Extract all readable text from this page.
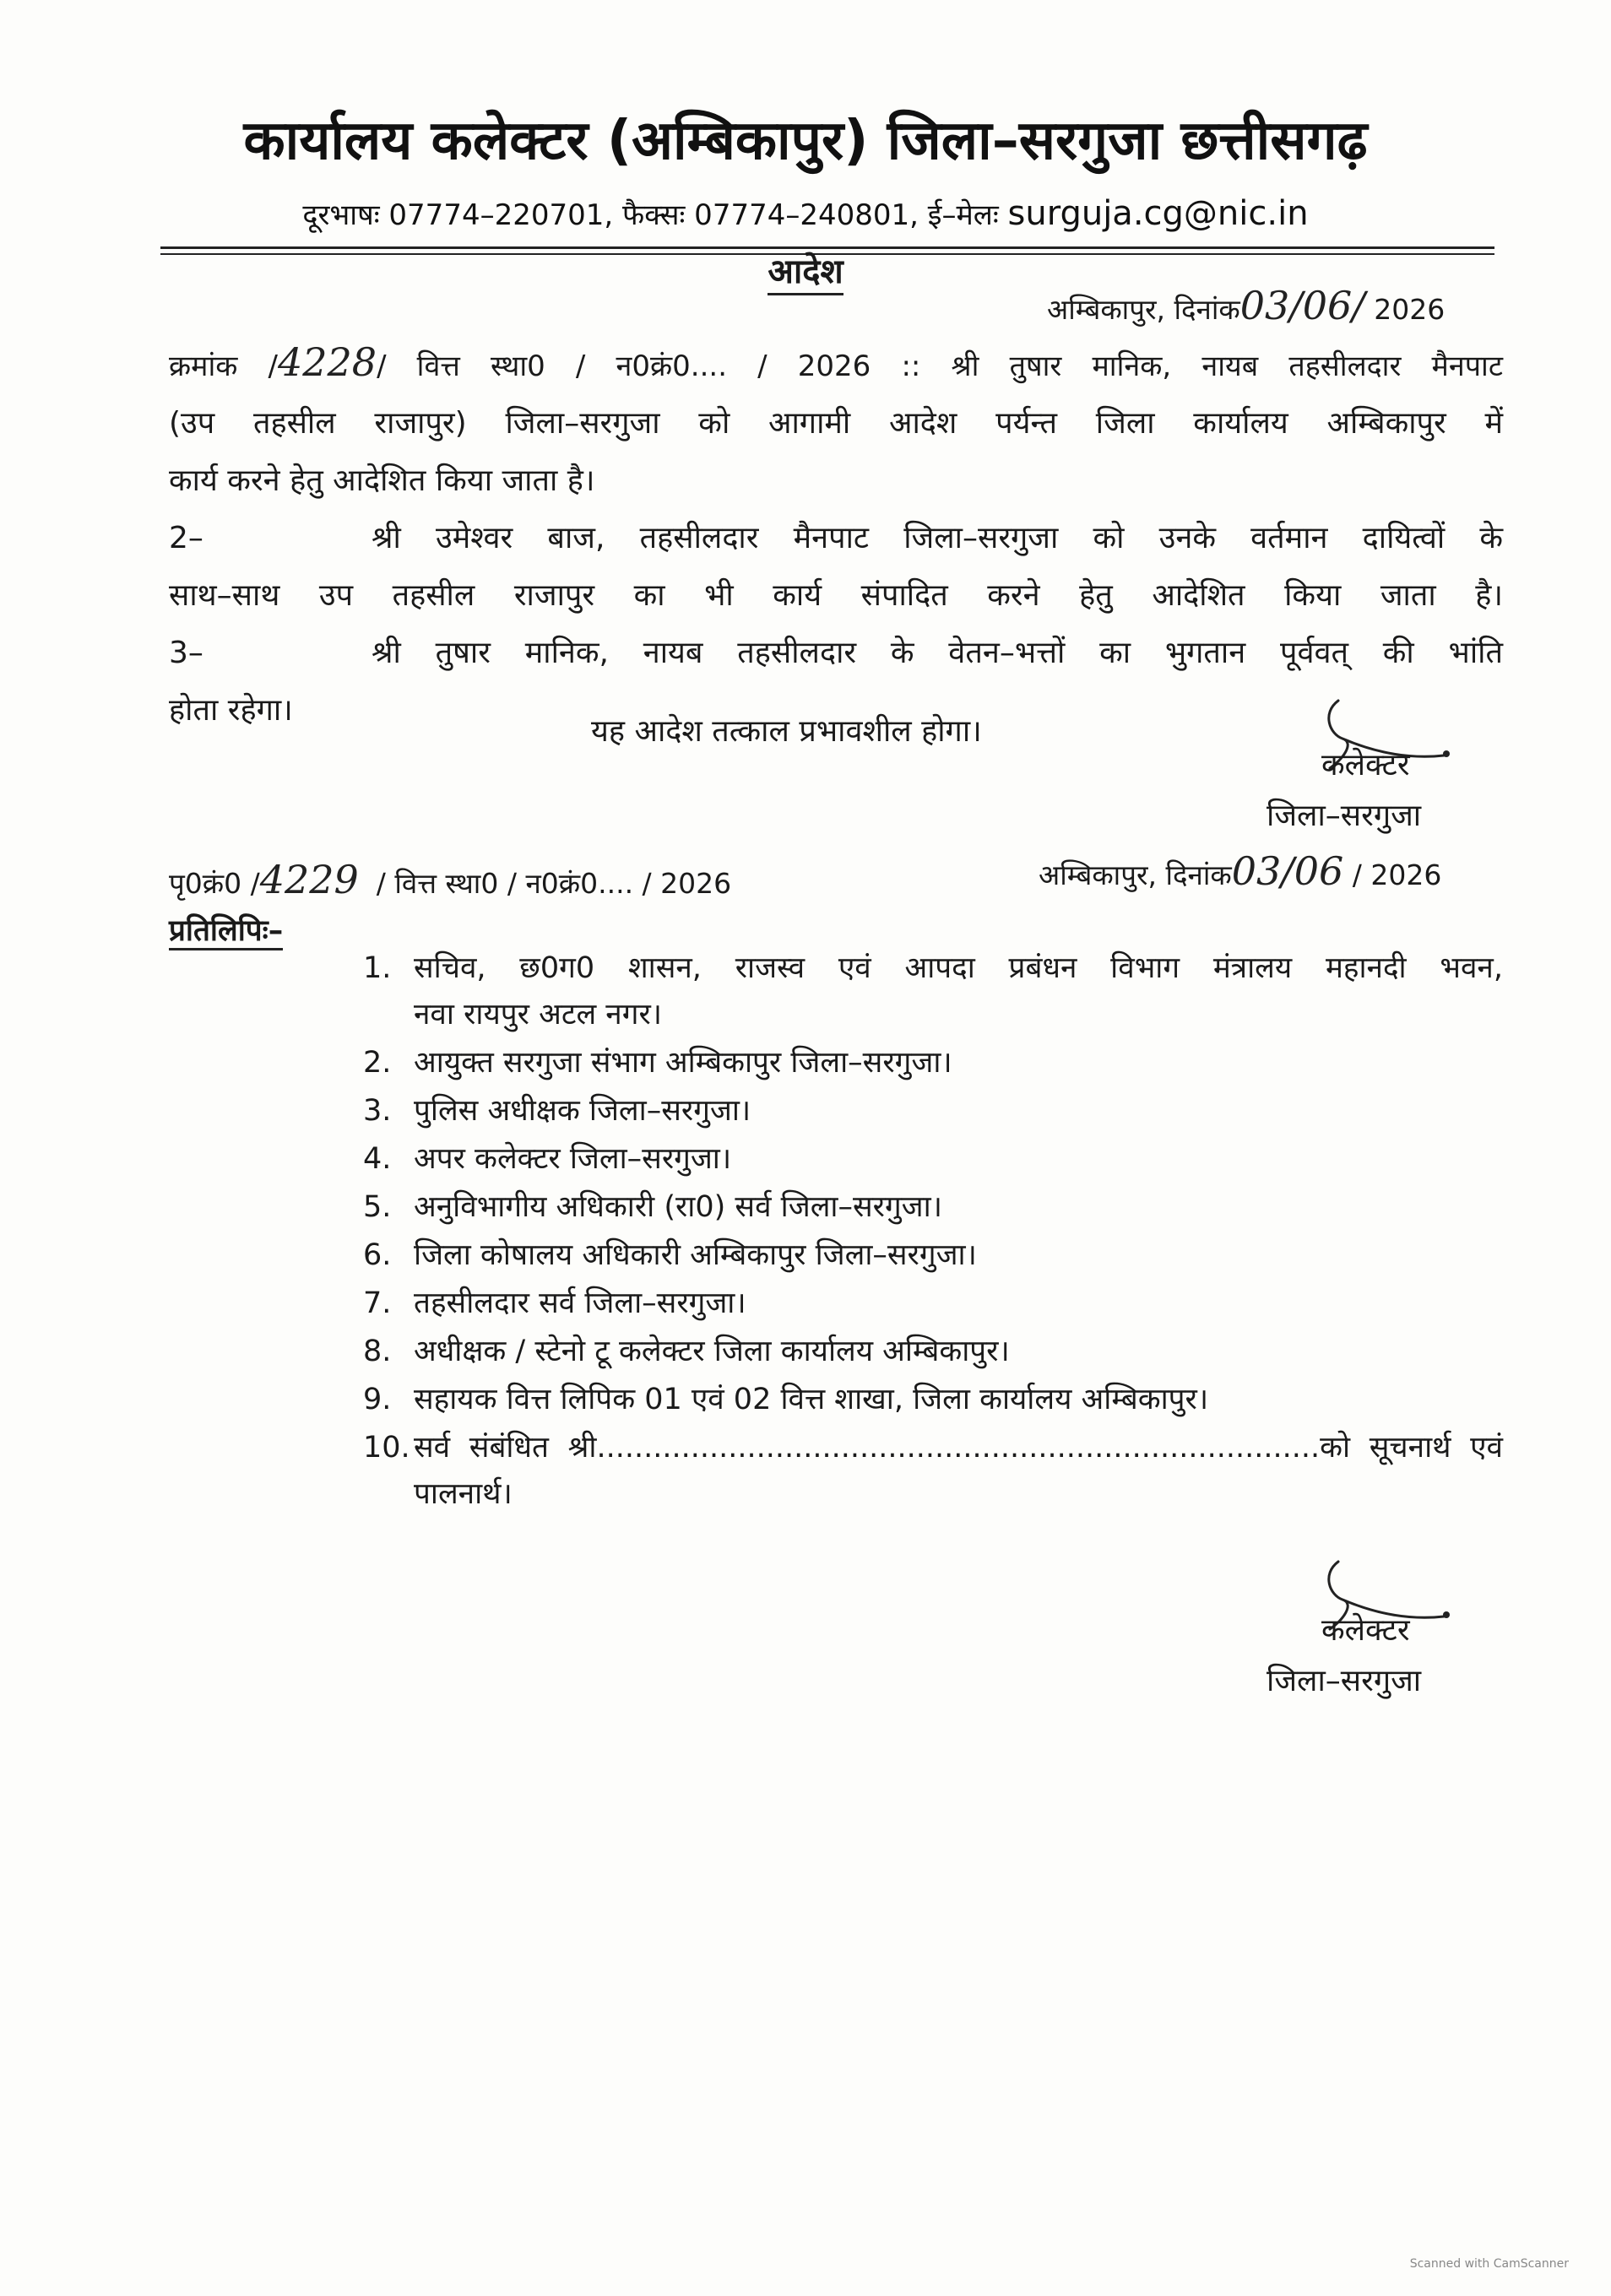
कार्यालय कलेक्टर (अम्बिकापुर) जिला–सरगुजा छत्तीसगढ़
दूरभाषः 07774–220701, फैक्सः 07774–240801, ई–मेलः surguja.cg@nic.in
आदेश
अम्बिकापुर, दिनांक03/06/ 2026
क्रमांक /4228/ वित्त स्था0 / न0क्रं0.... / 2026 :: श्री तुषार मानिक, नायब तहसीलदार मैनपाट
(उप तहसील राजापुर) जिला–सरगुजा को आगामी आदेश पर्यन्त जिला कार्यालय अम्बिकापुर में
कार्य करने हेतु आदेशित किया जाता है।
2–	श्री उमेश्वर बाज, तहसीलदार मैनपाट जिला–सरगुजा को उनके वर्तमान दायित्वों के
साथ–साथ उप तहसील राजापुर का भी कार्य संपादित करने हेतु आदेशित किया जाता है।
3–	श्री तुषार मानिक, नायब तहसीलदार के वेतन–भत्तों का भुगतान पूर्ववत् की भांति
होता रहेगा।
यह आदेश तत्काल प्रभावशील होगा।
कलेक्टर
जिला–सरगुजा
पृ0क्रं0 /4229 / वित्त स्था0 / न0क्रं0.... / 2026	अम्बिकापुर, दिनांक03/06 / 2026
प्रतिलिपिः–
1. सचिव, छ0ग0 शासन, राजस्व एवं आपदा प्रबंधन विभाग मंत्रालय महानदी भवन,
नवा रायपुर अटल नगर।
2. आयुक्त सरगुजा संभाग अम्बिकापुर जिला–सरगुजा।
3. पुलिस अधीक्षक जिला–सरगुजा।
4. अपर कलेक्टर जिला–सरगुजा।
5. अनुविभागीय अधिकारी (रा0) सर्व जिला–सरगुजा।
6. जिला कोषालय अधिकारी अम्बिकापुर जिला–सरगुजा।
7. तहसीलदार सर्व जिला–सरगुजा।
8. अधीक्षक / स्टेनो टू कलेक्टर जिला कार्यालय अम्बिकापुर।
9. सहायक वित्त लिपिक 01 एवं 02 वित्त शाखा, जिला कार्यालय अम्बिकापुर।
10. सर्व संबंधित श्री.............................................................................को सूचनार्थ एवं
पालनार्थ।
कलेक्टर
जिला–सरगुजा
Scanned with CamScanner
